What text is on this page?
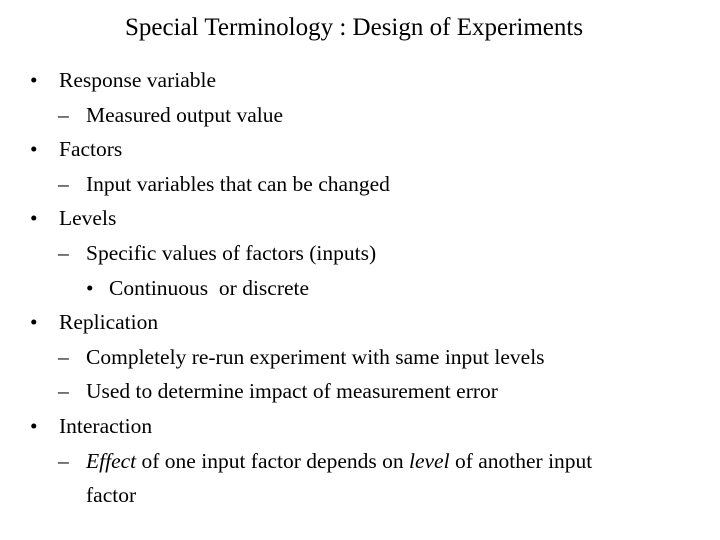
Special Terminology : Design of Experiments
• Response variable
– Measured output value
• Factors
– Input variables that can be changed
• Levels
– Specific values of factors (inputs)
• Continuous  or discrete
• Replication
– Completely re-run experiment with same input levels
– Used to determine impact of measurement error
• Interaction
– Effect of one input factor depends on level of another input
factor
